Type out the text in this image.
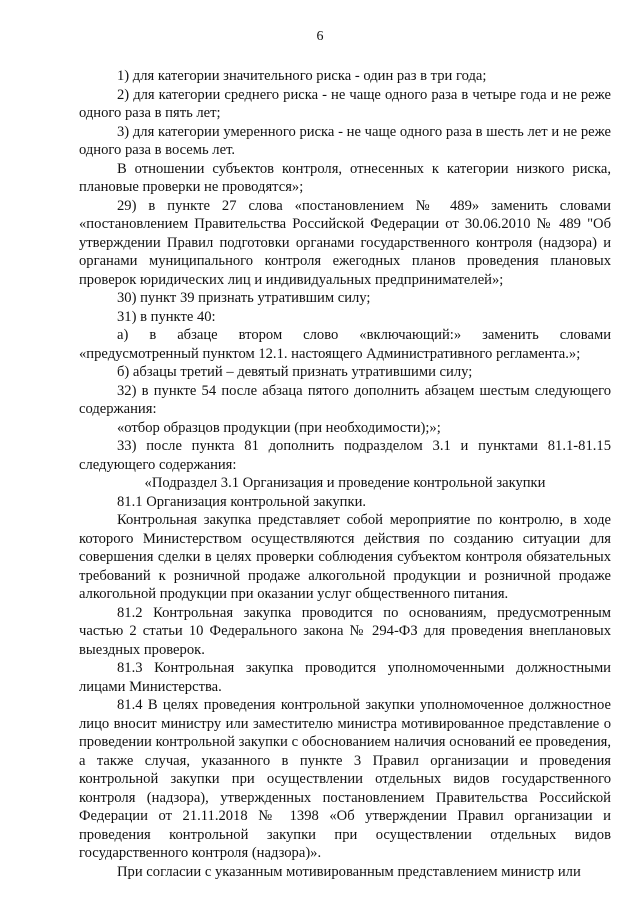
6

1) для категории значительного риска - один раз в три года;

2) для категории среднего риска - не чаще одного раза в четыре года и не реже одного раза в пять лет;

3) для категории умеренного риска - не чаще одного раза в шесть лет и не реже одного раза в восемь лет.

В отношении субъектов контроля, отнесенных к категории низкого риска, плановые проверки не проводятся»;

29) в пункте 27 слова «постановлением № 489» заменить словами «постановлением Правительства Российской Федерации от 30.06.2010 № 489 "Об утверждении Правил подготовки органами государственного контроля (надзора) и органами муниципального контроля ежегодных планов проведения плановых проверок юридических лиц и индивидуальных предпринимателей»;

30) пункт 39 признать утратившим силу;

31) в пункте 40:

а) в абзаце втором слово «включающий:» заменить словами «предусмотренный пунктом 12.1. настоящего Административного регламента.»;

б) абзацы третий – девятый признать утратившими силу;

32) в пункте 54 после абзаца пятого дополнить абзацем шестым следующего содержания:

«отбор образцов продукции (при необходимости);»;

33) после пункта 81 дополнить подразделом 3.1 и пунктами 81.1-81.15 следующего содержания:

«Подраздел 3.1 Организация и проведение контрольной закупки

81.1 Организация контрольной закупки.

Контрольная закупка представляет собой мероприятие по контролю, в ходе которого Министерством осуществляются действия по созданию ситуации для совершения сделки в целях проверки соблюдения субъектом контроля обязательных требований к розничной продаже алкогольной продукции и розничной продаже алкогольной продукции при оказании услуг общественного питания.

81.2 Контрольная закупка проводится по основаниям, предусмотренным частью 2 статьи 10 Федерального закона № 294-ФЗ для проведения внеплановых выездных проверок.

81.3 Контрольная закупка проводится уполномоченными должностными лицами Министерства.

81.4 В целях проведения контрольной закупки уполномоченное должностное лицо вносит министру или заместителю министра мотивированное представление о проведении контрольной закупки с обоснованием наличия оснований ее проведения, а также случая, указанного в пункте 3 Правил организации и проведения контрольной закупки при осуществлении отдельных видов государственного контроля (надзора), утвержденных постановлением Правительства Российской Федерации от 21.11.2018 № 1398 «Об утверждении Правил организации и проведения контрольной закупки при осуществлении отдельных видов государственного контроля (надзора)».

При согласии с указанным мотивированным представлением министр или
